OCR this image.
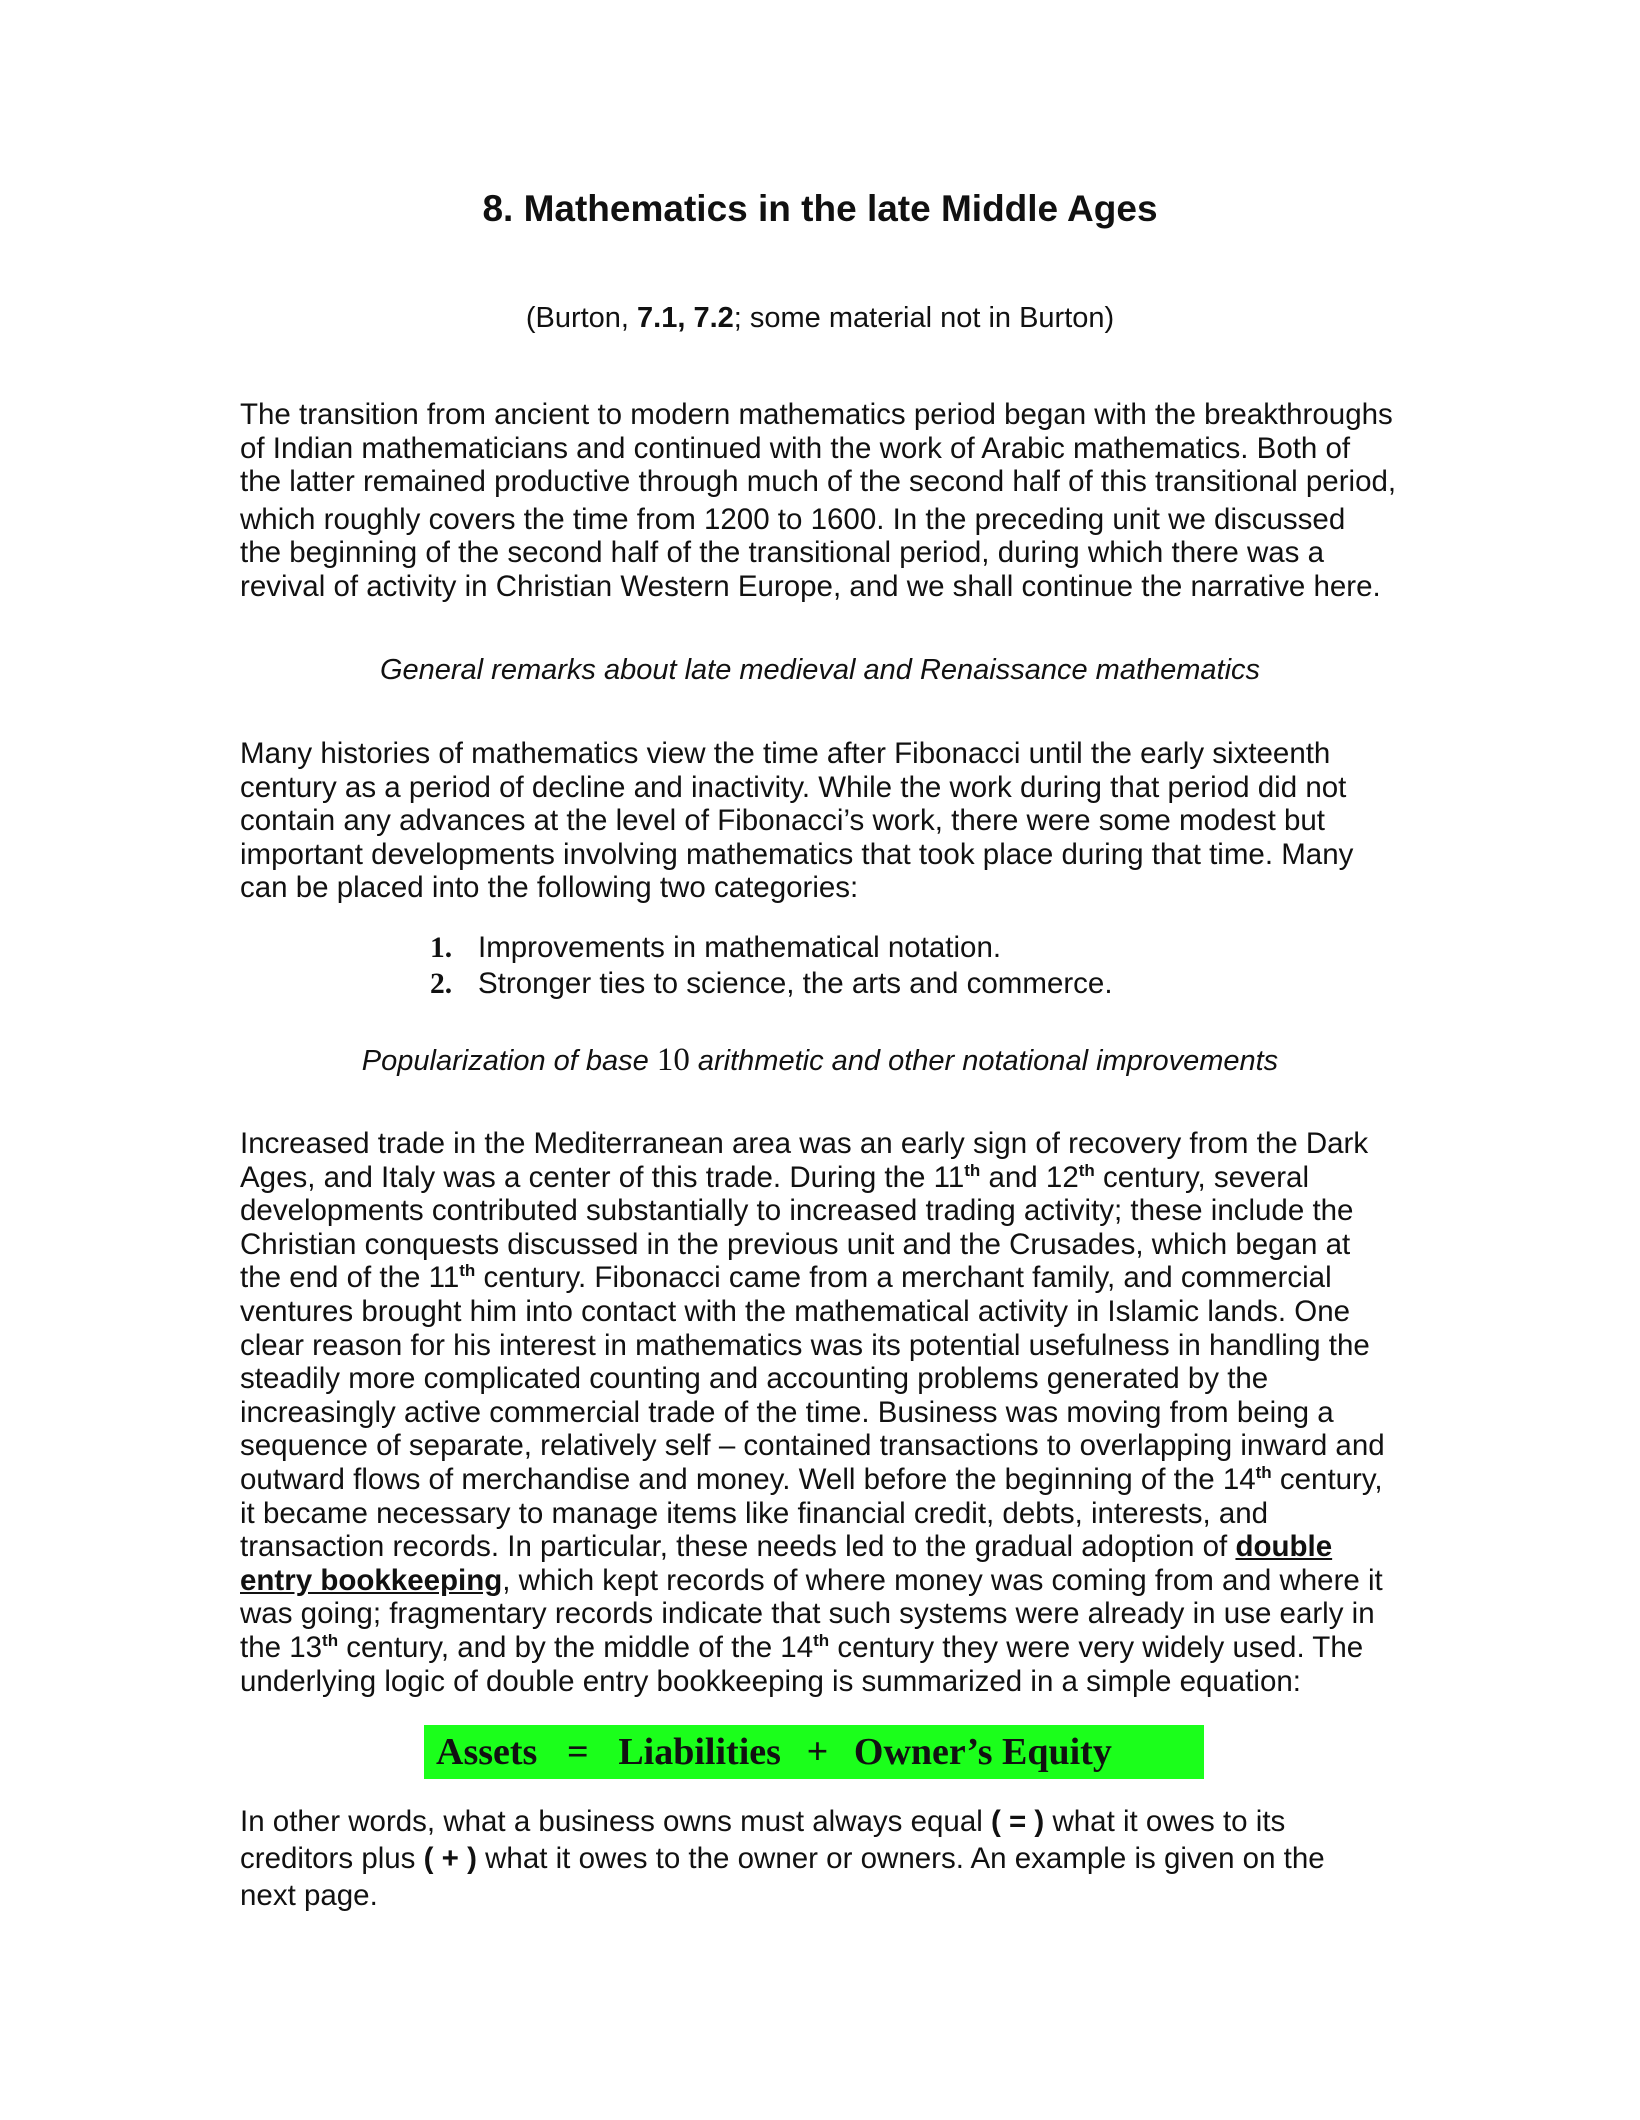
8. Mathematics in the late Middle Ages
(Burton, 7.1, 7.2; some material not in Burton)
The transition from ancient to modern mathematics period began with the breakthroughs
of Indian mathematicians and continued with the work of Arabic mathematics. Both of
the latter remained productive through much of the second half of this transitional period,
which roughly covers the time from 1200 to 1600. In the preceding unit we discussed
the beginning of the second half of the transitional period, during which there was a
revival of activity in Christian Western Europe, and we shall continue the narrative here.
General remarks about late medieval and Renaissance mathematics
Many histories of mathematics view the time after Fibonacci until the early sixteenth
century as a period of decline and inactivity. While the work during that period did not
contain any advances at the level of Fibonacci’s work, there were some modest but
important developments involving mathematics that took place during that time. Many
can be placed into the following two categories:
1. Improvements in mathematical notation.
2. Stronger ties to science, the arts and commerce.
Popularization of base 10 arithmetic and other notational improvements
Increased trade in the Mediterranean area was an early sign of recovery from the Dark
Ages, and Italy was a center of this trade. During the 11th and 12th century, several
developments contributed substantially to increased trading activity; these include the
Christian conquests discussed in the previous unit and the Crusades, which began at
the end of the 11th century. Fibonacci came from a merchant family, and commercial
ventures brought him into contact with the mathematical activity in Islamic lands. One
clear reason for his interest in mathematics was its potential usefulness in handling the
steadily more complicated counting and accounting problems generated by the
increasingly active commercial trade of the time. Business was moving from being a
sequence of separate, relatively self – contained transactions to overlapping inward and
outward flows of merchandise and money. Well before the beginning of the 14th century,
it became necessary to manage items like financial credit, debts, interests, and
transaction records. In particular, these needs led to the gradual adoption of double
entry bookkeeping, which kept records of where money was coming from and where it
was going; fragmentary records indicate that such systems were already in use early in
the 13th century, and by the middle of the 14th century they were very widely used. The
underlying logic of double entry bookkeeping is summarized in a simple equation:
Assets = Liabilities + Owner’s Equity
In other words, what a business owns must always equal ( = ) what it owes to its
creditors plus ( + ) what it owes to the owner or owners. An example is given on the
next page.
